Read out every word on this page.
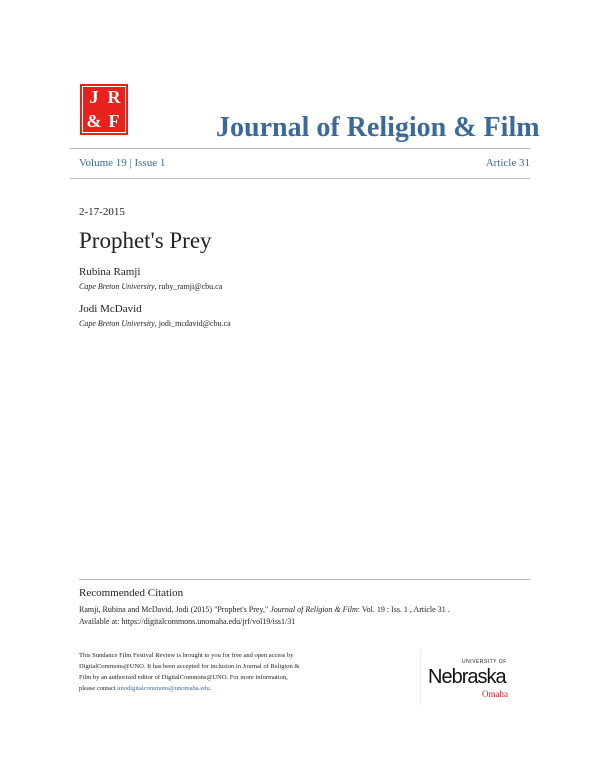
J R
& F	Journal of Religion & Film
Volume 19 | Issue 1	Article 31
2-17-2015
Prophet's Prey
Rubina Ramji
Cape Breton University, ruby_ramji@cbu.ca
Jodi McDavid
Cape Breton University, jodi_mcdavid@cbu.ca
Recommended Citation
Ramji, Rubina and McDavid, Jodi (2015) "Prophet's Prey," Journal of Religion & Film: Vol. 19 : Iss. 1 , Article 31 .
Available at: https://digitalcommons.unomaha.edu/jrf/vol19/iss1/31
This Sundance Film Festival Review is brought to you for free and open access by DigitalCommons@UNO. It has been accepted for inclusion in Journal of Religion & Film by an authorized editor of DigitalCommons@UNO. For more information, please contact unodigitalcommons@unomaha.edu.
UNIVERSITY OF
Nebraska
Omaha
